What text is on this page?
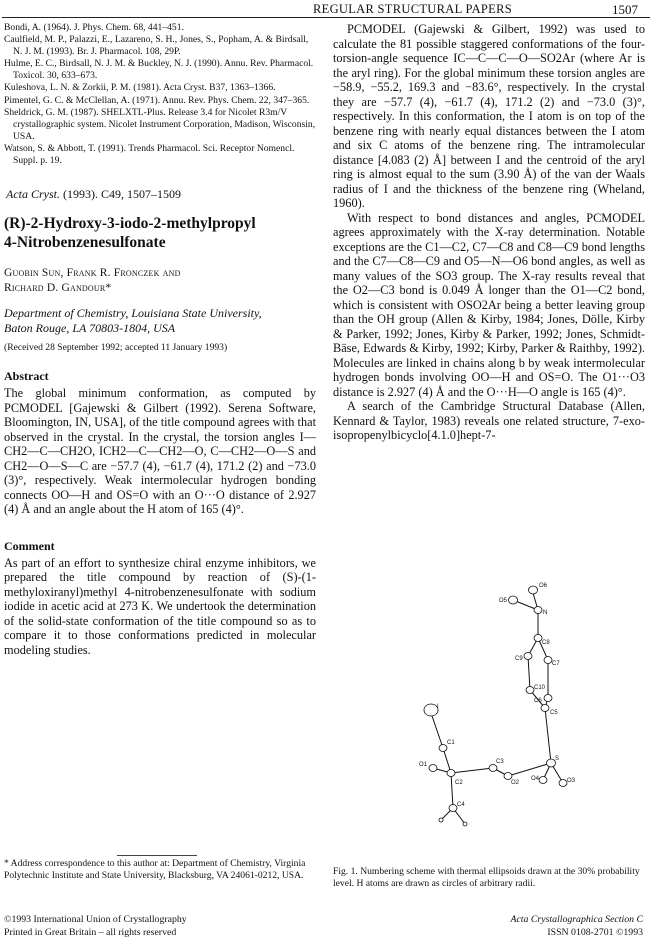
REGULAR STRUCTURAL PAPERS	1507

Bondi, A. (1964). J. Phys. Chem. 68, 441–451.

Caulfield, M. P., Palazzi, E., Lazareno, S. H., Jones, S., Popham, A. & Birdsall, N. J. M. (1993). Br. J. Pharmacol. 108, 29P.

Hulme, E. C., Birdsall, N. J. M. & Buckley, N. J. (1990). Annu. Rev. Pharmacol. Toxicol. 30, 633–673.

Kuleshova, L. N. & Zorkii, P. M. (1981). Acta Cryst. B37, 1363–1366.

Pimentel, G. C. & McClellan, A. (1971). Annu. Rev. Phys. Chem. 22, 347–365.

Sheldrick, G. M. (1987). SHELXTL-Plus. Release 3.4 for Nicolet R3m/V crystallographic system. Nicolet Instrument Corporation, Madison, Wisconsin, USA.

Watson, S. & Abbott, T. (1991). Trends Pharmacol. Sci. Receptor Nomencl. Suppl. p. 19.

Acta Cryst. (1993). C49, 1507–1509
(R)-2-Hydroxy-3-iodo-2-methylpropyl
4-Nitrobenzenesulfonate
Guobin Sun, Frank R. Fronczek and
Richard D. Gandour*
Department of Chemistry, Louisiana State University,
Baton Rouge, LA 70803-1804, USA
(Received 28 September 1992; accepted 11 January 1993)
Abstract

The global minimum conformation, as computed by PCMODEL [Gajewski & Gilbert (1992). Serena Software, Bloomington, IN, USA], of the title compound agrees with that observed in the crystal. In the crystal, the torsion angles I—CH2—C—CH2O, ICH2—C—CH2—O, C—CH2—O—S and CH2—O—S—C are −57.7 (4), −61.7 (4), 171.2 (2) and −73.0 (3)°, respectively. Weak intermolecular hydrogen bonding connects OO—H and OS=O with an O···O distance of 2.927 (4) Å and an angle about the H atom of 165 (4)°.

Comment

As part of an effort to synthesize chiral enzyme inhibitors, we prepared the title compound by reaction of (S)-(1-methyloxiranyl)methyl 4-nitrobenzenesulfonate with sodium iodide in acetic acid at 273 K. We undertook the determination of the solid-state conformation of the title compound so as to compare it to those conformations predicted in molecular modeling studies.

* Address correspondence to this author at: Department of Chemistry, Virginia Polytechnic Institute and State University, Blacksburg, VA 24061-0212, USA.

PCMODEL (Gajewski & Gilbert, 1992) was used to calculate the 81 possible staggered conformations of the four-torsion-angle sequence IC—C—C—O—SO2Ar (where Ar is the aryl ring). For the global minimum these torsion angles are −58.9, −55.2, 169.3 and −83.6°, respectively. In the crystal they are −57.7 (4), −61.7 (4), 171.2 (2) and −73.0 (3)°, respectively. In this conformation, the I atom is on top of the benzene ring with nearly equal distances between the I atom and six C atoms of the benzene ring. The intramolecular distance [4.083 (2) Å] between I and the centroid of the aryl ring is almost equal to the sum (3.90 Å) of the van der Waals radius of I and the thickness of the benzene ring (Wheland, 1960).

With respect to bond distances and angles, PCMODEL agrees approximately with the X-ray determination. Notable exceptions are the C1—C2, C7—C8 and C8—C9 bond lengths and the C7—C8—C9 and O5—N—O6 bond angles, as well as many values of the SO3 group. The X-ray results reveal that the O2—C3 bond is 0.049 Å longer than the O1—C2 bond, which is consistent with OSO2Ar being a better leaving group than the OH group (Allen & Kirby, 1984; Jones, Dölle, Kirby & Parker, 1992; Jones, Kirby & Parker, 1992; Jones, Schmidt-Bäse, Edwards & Kirby, 1992; Kirby, Parker & Raithby, 1992). Molecules are linked in chains along b by weak intermolecular hydrogen bonds involving OO—H and OS=O. The O1···O3 distance is 2.927 (4) Å and the O···H—O angle is 165 (4)°.

A search of the Cambridge Structural Database (Allen, Kennard & Taylor, 1983) reveals one related structure, 7-exo-isopropenylbicyclo[4.1.0]hept-7-

I
C1
O1
C2
C3
C4
O2
S
O3
O4
C5
C6
C7
C8
C9
C10
N
O5
O6
Fig. 1. Numbering scheme with thermal ellipsoids drawn at the 30% probability level. H atoms are drawn as circles of arbitrary radii.
©1993 International Union of Crystallography
Printed in Great Britain – all rights reserved
Acta Crystallographica Section C
ISSN 0108-2701 ©1993
